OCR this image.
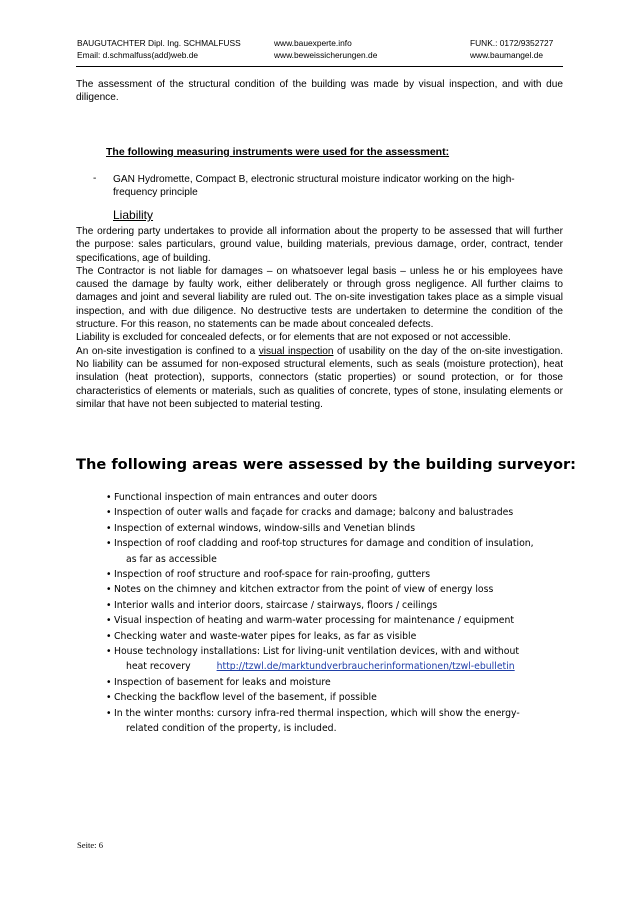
BAUGUTACHTER Dipl. Ing. SCHMALFUSS
Email: d.schmalfuss(add)web.de
www.bauexperte.info
www.beweissicherungen.de
FUNK.: 0172/9352727
www.baumangel.de
The assessment of the structural condition of the building was made by visual inspection, and with due diligence.
The following measuring instruments were used for the assessment:
- GAN Hydromette, Compact B, electronic structural moisture indicator working on the high-frequency principle
Liability
The ordering party undertakes to provide all information about the property to be assessed that will further the purpose: sales particulars, ground value, building materials, previous damage, order, contract, tender specifications, age of building.
The Contractor is not liable for damages – on whatsoever legal basis – unless he or his employees have caused the damage by faulty work, either deliberately or through gross negligence. All further claims to damages and joint and several liability are ruled out. The on-site investigation takes place as a simple visual inspection, and with due diligence. No destructive tests are undertaken to determine the condition of the structure. For this reason, no statements can be made about concealed defects.
Liability is excluded for concealed defects, or for elements that are not exposed or not accessible.
An on-site investigation is confined to a visual inspection of usability on the day of the on-site investigation. No liability can be assumed for non-exposed structural elements, such as seals (moisture protection), heat insulation (heat protection), supports, connectors (static properties) or sound protection, or for those characteristics of elements or materials, such as qualities of concrete, types of stone, insulating elements or similar that have not been subjected to material testing.
The following areas were assessed by the building surveyor:
• Functional inspection of main entrances and outer doors
• Inspection of outer walls and façade for cracks and damage; balcony and balustrades
• Inspection of external windows, window-sills and Venetian blinds
• Inspection of roof cladding and roof-top structures for damage and condition of insulation,
as far as accessible
• Inspection of roof structure and roof-space for rain-proofing, gutters
• Notes on the chimney and kitchen extractor from the point of view of energy loss
• Interior walls and interior doors, staircase / stairways, floors / ceilings
• Visual inspection of heating and warm-water processing for maintenance / equipment
• Checking water and waste-water pipes for leaks, as far as visible
• House technology installations: List for living-unit ventilation devices, with and without
heat recovery	http://tzwl.de/marktundverbraucherinformationen/tzwl-ebulletin
• Inspection of basement for leaks and moisture
• Checking the backflow level of the basement, if possible
• In the winter months: cursory infra-red thermal inspection, which will show the energy-
related condition of the property, is included.
Seite: 6
